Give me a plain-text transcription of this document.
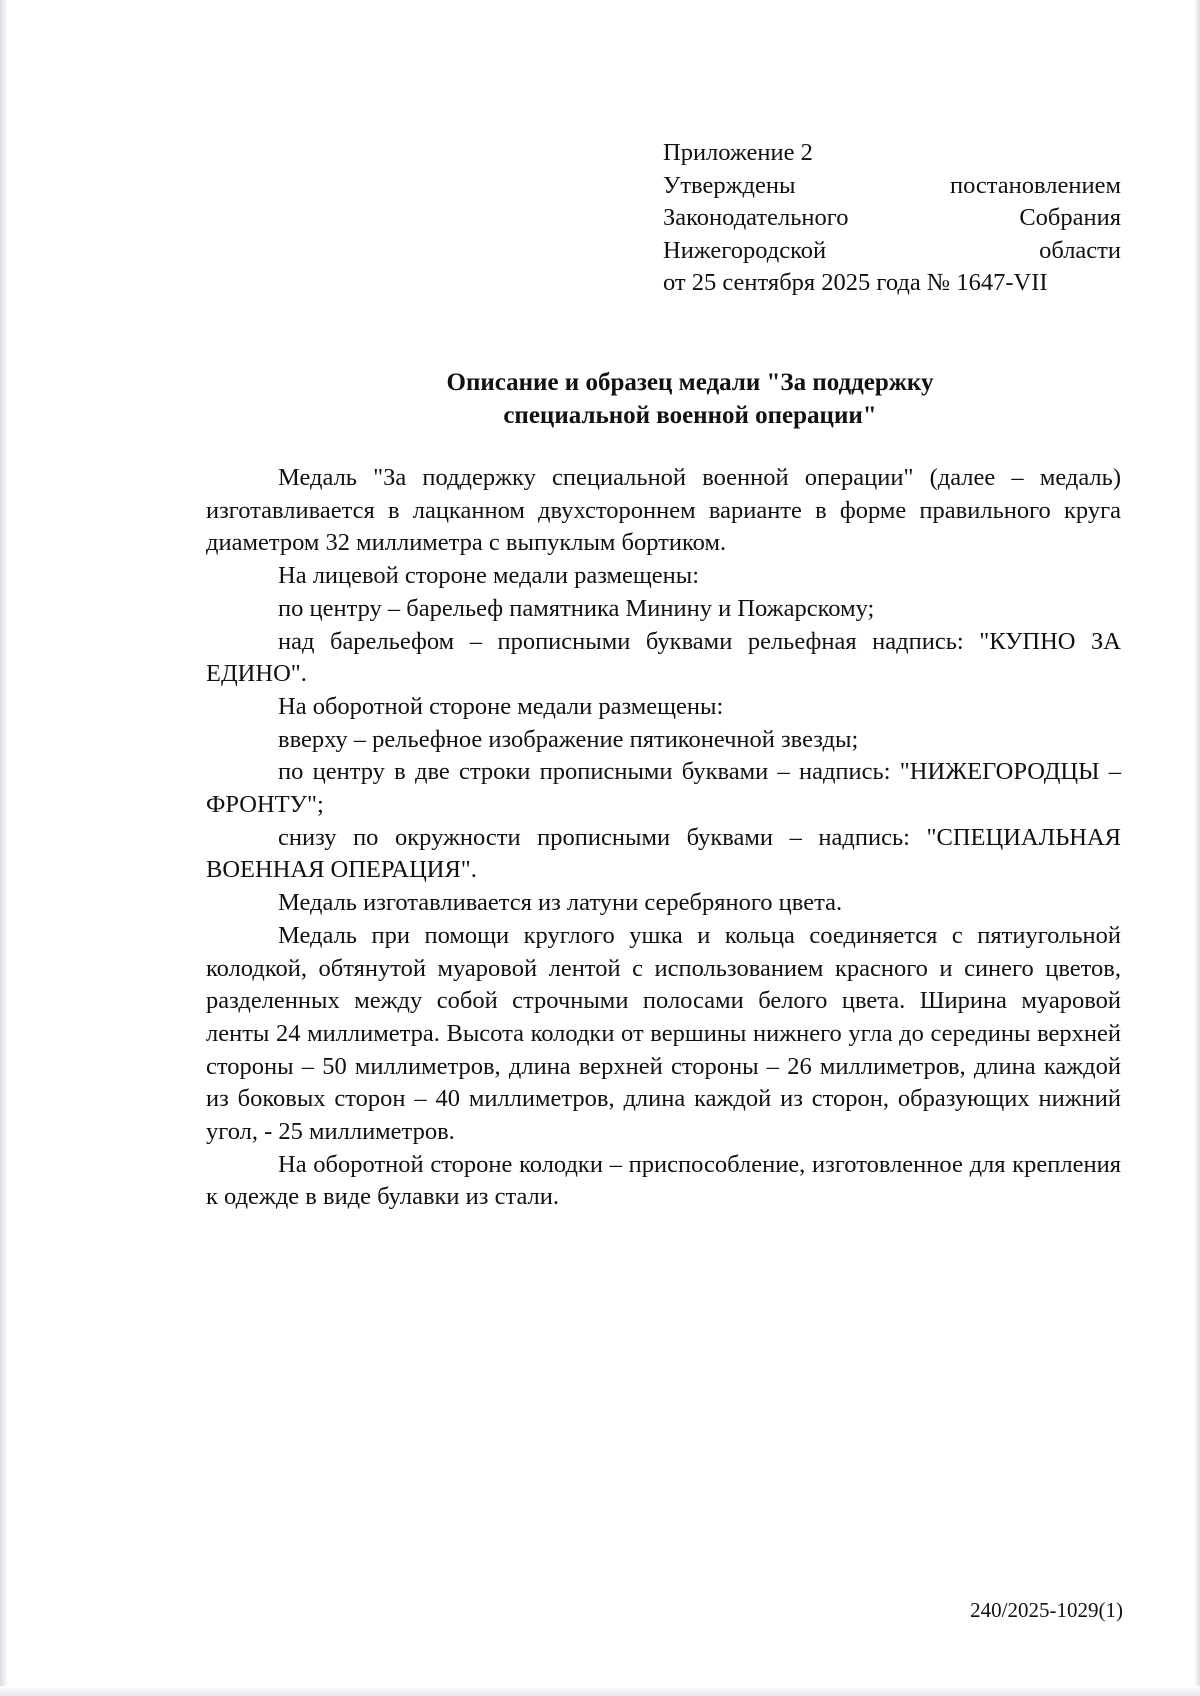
Приложение 2
Утверждены	постановлением
Законодательного	Собрания
Нижегородской	области
от 25 сентября 2025 года № 1647-VII
Описание и образец медали "За поддержку
специальной военной операции"

Медаль "За поддержку специальной военной операции" (далее – медаль) изготавливается в лацканном двухстороннем варианте в форме правильного круга диаметром 32 миллиметра с выпуклым бортиком.

На лицевой стороне медали размещены:

по центру – барельеф памятника Минину и Пожарскому;

над барельефом – прописными буквами рельефная надпись: "КУПНО ЗА ЕДИНО".

На оборотной стороне медали размещены:

вверху – рельефное изображение пятиконечной звезды;

по центру в две строки прописными буквами – надпись: "НИЖЕГОРОДЦЫ – ФРОНТУ";

снизу по окружности прописными буквами – надпись: "СПЕЦИАЛЬНАЯ ВОЕННАЯ ОПЕРАЦИЯ".

Медаль изготавливается из латуни серебряного цвета.

Медаль при помощи круглого ушка и кольца соединяется с пятиугольной колодкой, обтянутой муаровой лентой с использованием красного и синего цветов, разделенных между собой строчными полосами белого цвета. Ширина муаровой ленты 24 миллиметра. Высота колодки от вершины нижнего угла до середины верхней стороны – 50 миллиметров, длина верхней стороны – 26 миллиметров, длина каждой из боковых сторон – 40 миллиметров, длина каждой из сторон, образующих нижний угол, - 25 миллиметров.

На оборотной стороне колодки – приспособление, изготовленное для крепления к одежде в виде булавки из стали.

240/2025-1029(1)
